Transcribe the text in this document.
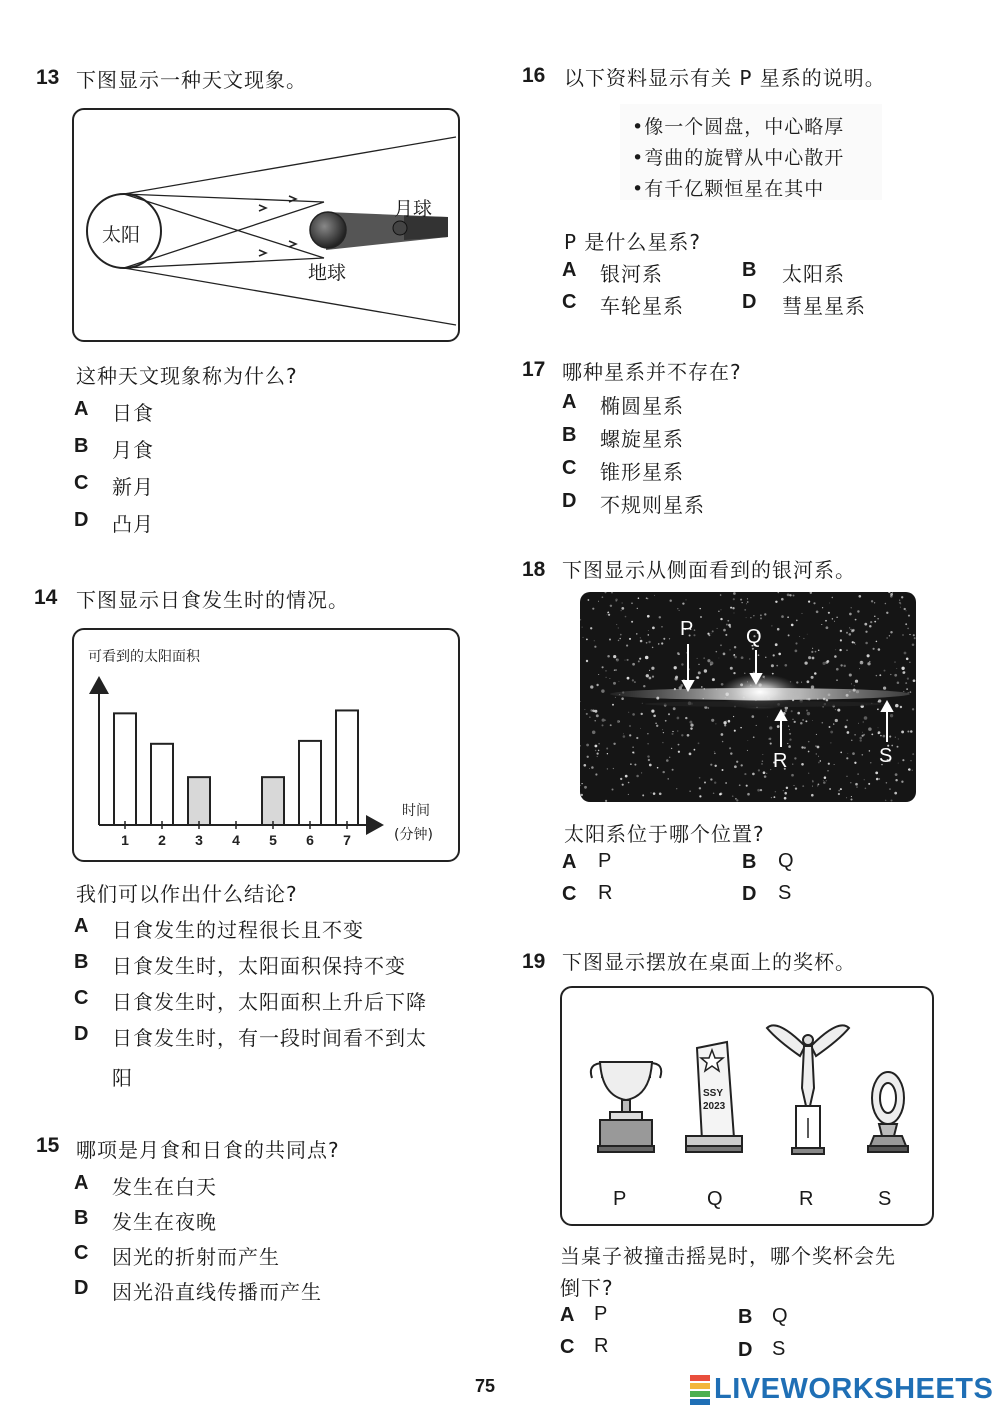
13 下图显示一种天文现象。
太阳
地球
月球
这种天文现象称为什么?
A 日食
B 月食
C 新月
D 凸月
14 下图显示日食发生时的情况。
可看到的太阳面积
1 2 3 4 5 6 7
时间
(分钟)
我们可以作出什么结论?
A 日食发生的过程很长且不变
B 日食发生时，太阳面积保持不变
C 日食发生时，太阳面积上升后下降
D 日食发生时，有一段时间看不到太
阳
15 哪项是月食和日食的共同点?
A 发生在白天
B 发生在夜晚
C 因光的折射而产生
D 因光沿直线传播而产生
16 以下资料显示有关 P 星系的说明。
•像一个圆盘，中心略厚
•弯曲的旋臂从中心散开
•有千亿颗恒星在其中
P 是什么星系?
A 银河系	B 太阳系
C 车轮星系	D 彗星星系
17 哪种星系并不存在?
A 椭圆星系
B 螺旋星系
C 锥形星系
D 不规则星系
18 下图显示从侧面看到的银河系。
P	Q
R	S
太阳系位于哪个位置?
A P	B Q
C R	D S
19 下图显示摆放在桌面上的奖杯。
SSY
2023
P	Q	R	S
当桌子被撞击摇晃时，哪个奖杯会先
倒下?
A P	B Q
C R	D S
75	LIVEWORKSHEETS
